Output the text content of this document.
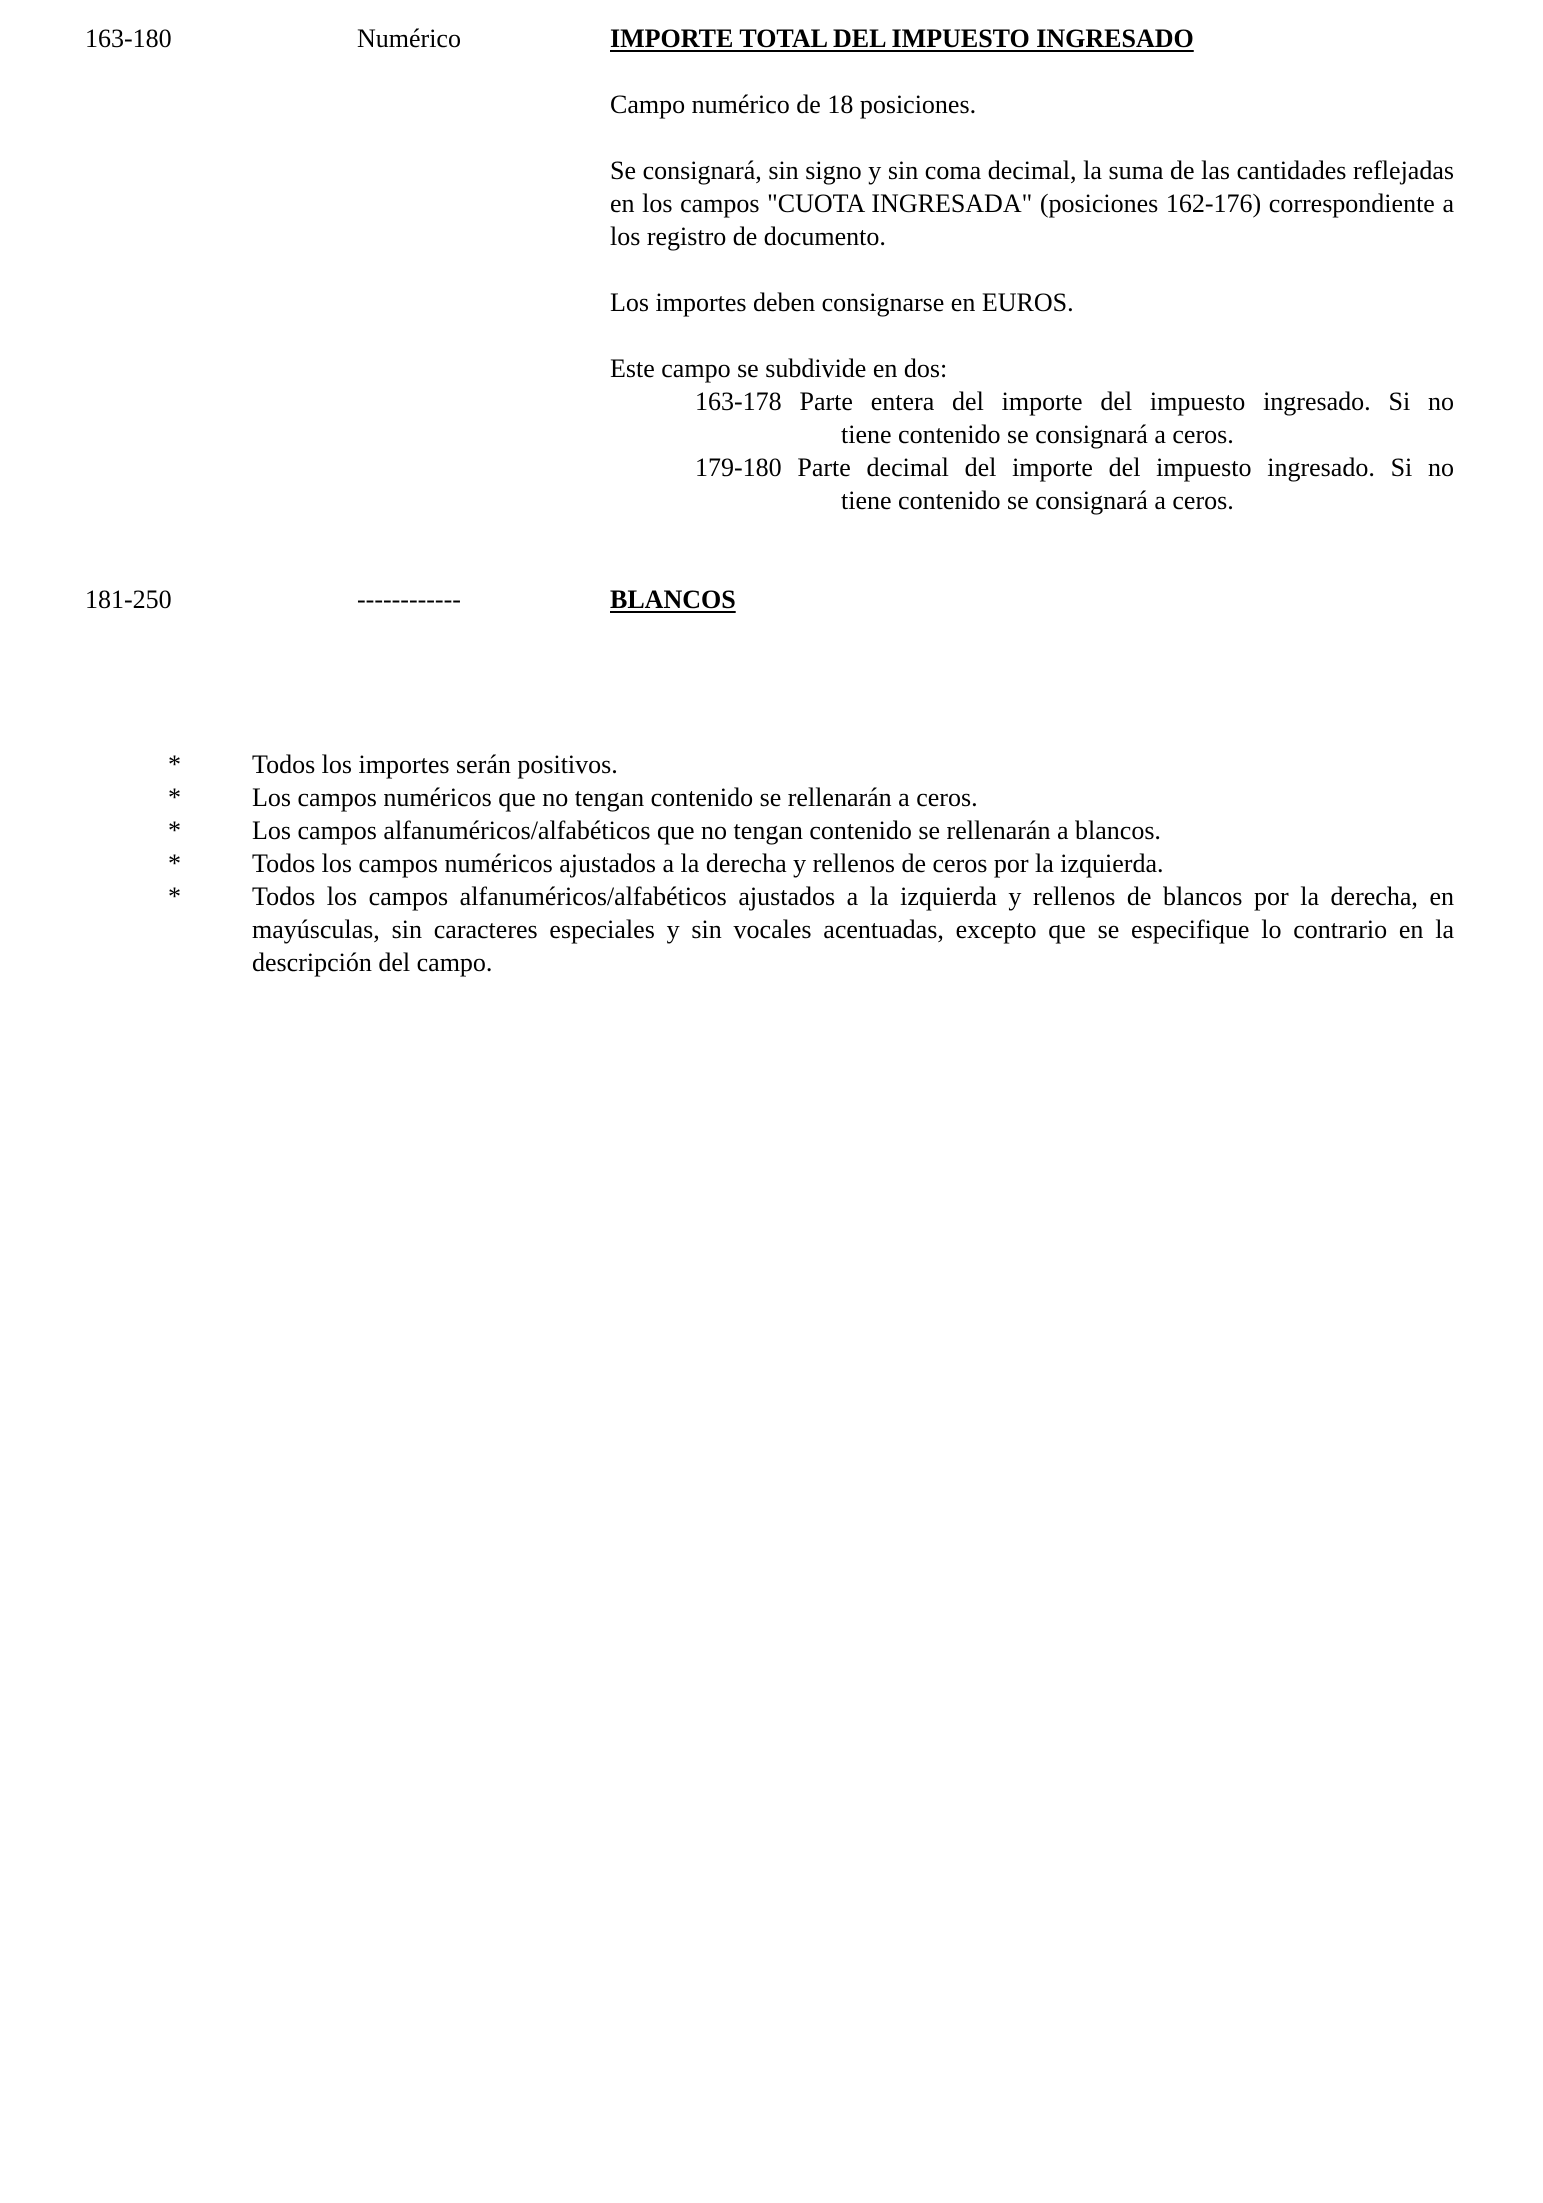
163-180	Numérico	IMPORTE TOTAL DEL IMPUESTO INGRESADO
Campo numérico de 18 posiciones.
Se consignará, sin signo y sin coma decimal, la suma de las cantidades reflejadas en los campos "CUOTA INGRESADA" (posiciones 162-176) correspondiente a los registro de documento.
Los importes deben consignarse en EUROS.
Este campo se subdivide en dos:
163-178 Parte entera del importe del impuesto ingresado. Si no
tiene contenido se consignará a ceros.
179-180 Parte decimal del importe del impuesto ingresado. Si no
tiene contenido se consignará a ceros.
181-250	------------	BLANCOS
*	Todos los importes serán positivos.
*	Los campos numéricos que no tengan contenido se rellenarán a ceros.
*	Los campos alfanuméricos/alfabéticos que no tengan contenido se rellenarán a blancos.
*	Todos los campos numéricos ajustados a la derecha y rellenos de ceros por la izquierda.
*	Todos los campos alfanuméricos/alfabéticos ajustados a la izquierda y rellenos de blancos por la derecha, en mayúsculas, sin caracteres especiales y sin vocales acentuadas, excepto que se especifique lo contrario en la descripción del campo.
